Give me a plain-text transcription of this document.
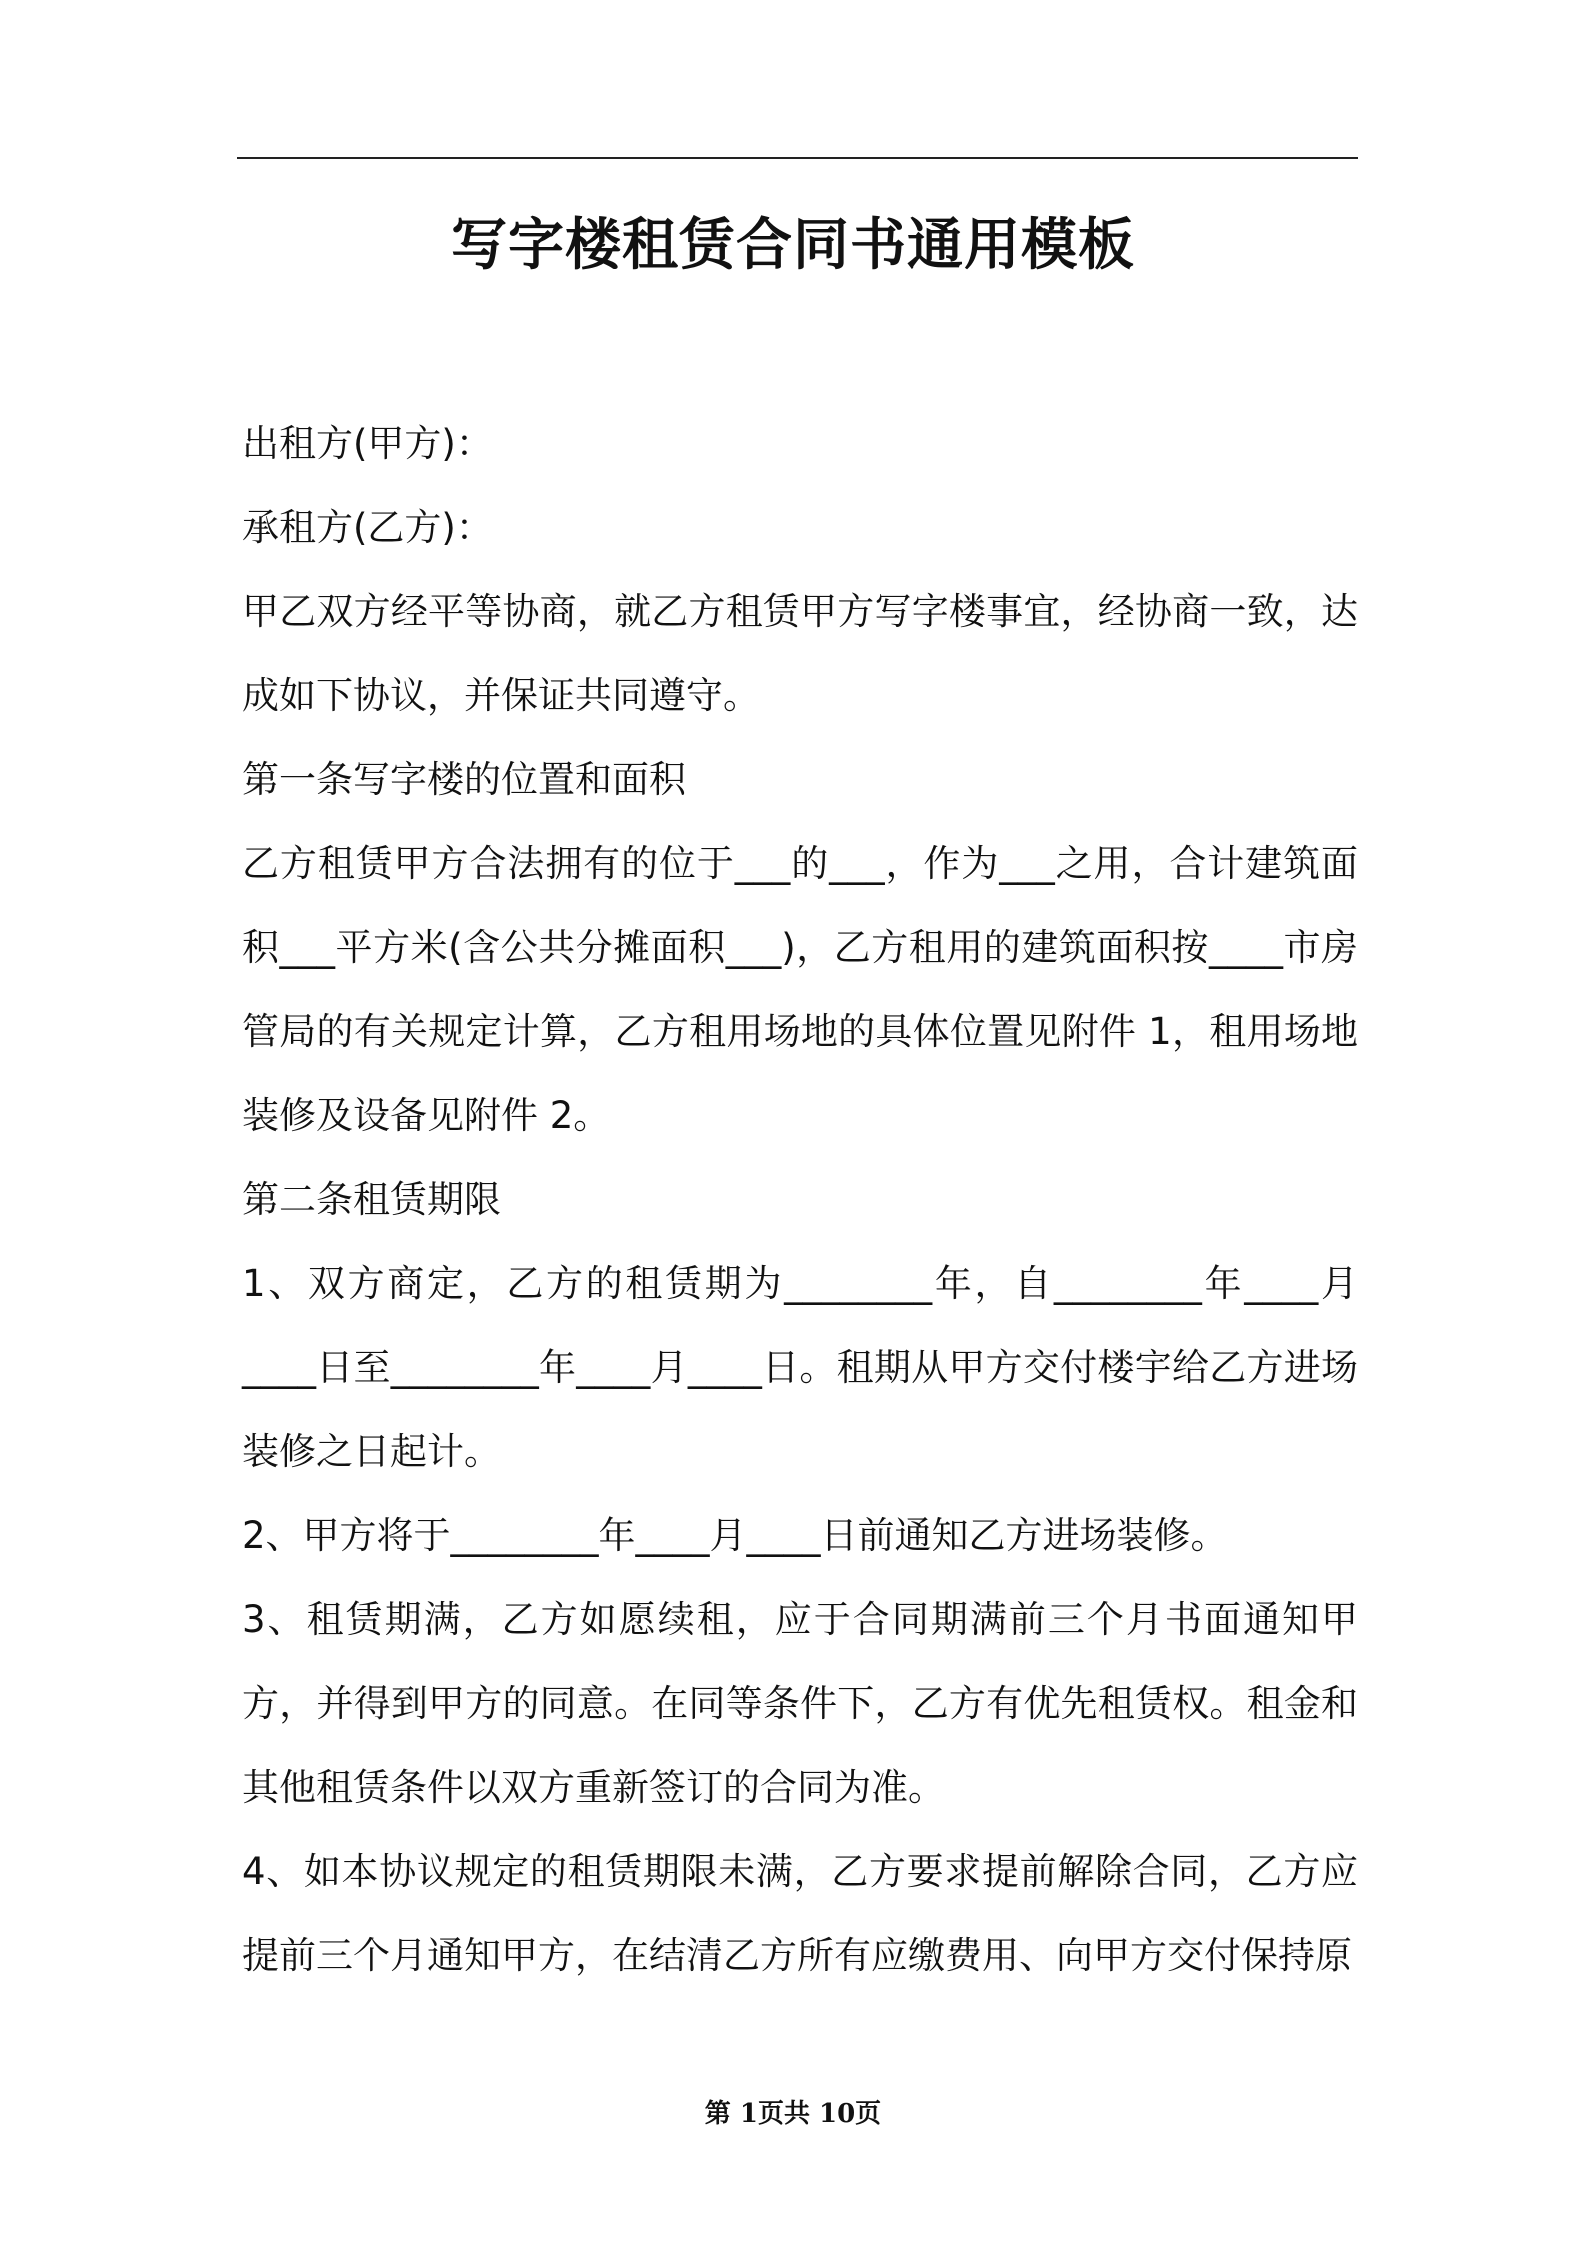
写字楼租赁合同书通用模板

出租方(甲方)：

承租方(乙方)：

甲乙双方经平等协商，就乙方租赁甲方写字楼事宜，经协商一致，达成如下协议，并保证共同遵守。

第一条写字楼的位置和面积

乙方租赁甲方合法拥有的位于___的___，作为___之用，合计建筑面积___平方米(含公共分摊面积___)，乙方租用的建筑面积按____市房管局的有关规定计算，乙方租用场地的具体位置见附件 1，租用场地装修及设备见附件 2。

第二条租赁期限

1、双方商定，乙方的租赁期为________年，自________年____月____日至________年____月____日。租期从甲方交付楼宇给乙方进场装修之日起计。

2、甲方将于________年____月____日前通知乙方进场装修。

3、租赁期满，乙方如愿续租，应于合同期满前三个月书面通知甲方，并得到甲方的同意。在同等条件下，乙方有优先租赁权。租金和其他租赁条件以双方重新签订的合同为准。

4、如本协议规定的租赁期限未满，乙方要求提前解除合同，乙方应提前三个月通知甲方，在结清乙方所有应缴费用、向甲方交付保持原

第 1页共 10页
